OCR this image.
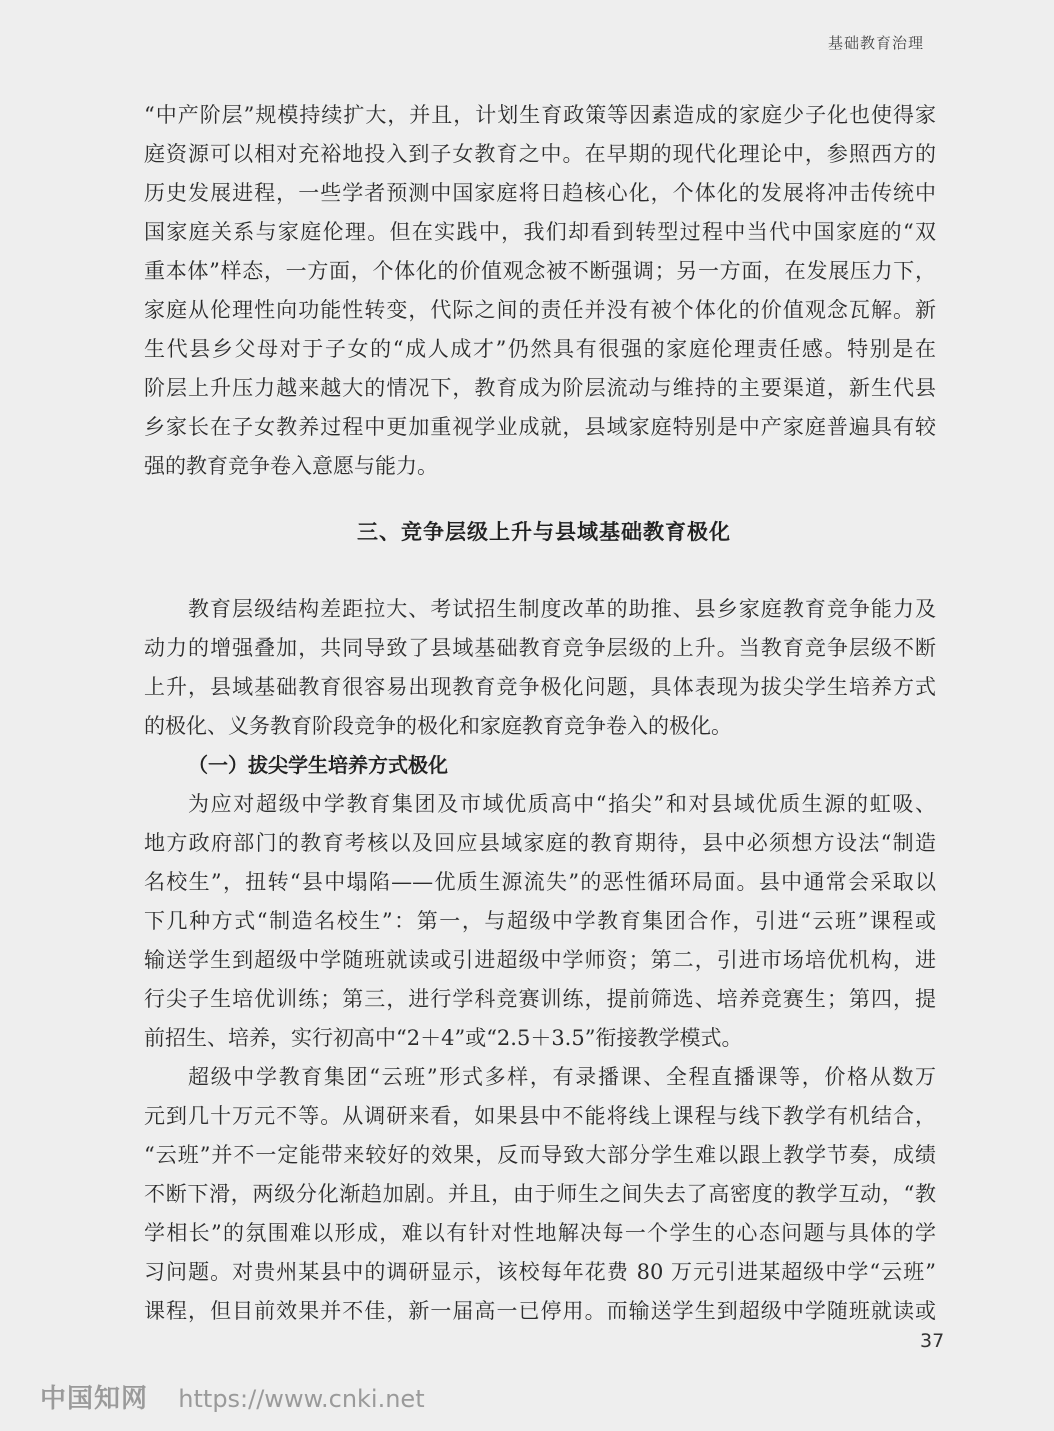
基础教育治理
“中产阶层”规模持续扩大，并且，计划生育政策等因素造成的家庭少子化也使得家
庭资源可以相对充裕地投入到子女教育之中。在早期的现代化理论中，参照西方的
历史发展进程，一些学者预测中国家庭将日趋核心化，个体化的发展将冲击传统中
国家庭关系与家庭伦理。但在实践中，我们却看到转型过程中当代中国家庭的“双
重本体”样态，一方面，个体化的价值观念被不断强调；另一方面，在发展压力下，
家庭从伦理性向功能性转变，代际之间的责任并没有被个体化的价值观念瓦解。新
生代县乡父母对于子女的“成人成才”仍然具有很强的家庭伦理责任感。特别是在
阶层上升压力越来越大的情况下，教育成为阶层流动与维持的主要渠道，新生代县
乡家长在子女教养过程中更加重视学业成就，县域家庭特别是中产家庭普遍具有较
强的教育竞争卷入意愿与能力。
三、竞争层级上升与县域基础教育极化
教育层级结构差距拉大、考试招生制度改革的助推、县乡家庭教育竞争能力及
动力的增强叠加，共同导致了县域基础教育竞争层级的上升。当教育竞争层级不断
上升，县域基础教育很容易出现教育竞争极化问题，具体表现为拔尖学生培养方式
的极化、义务教育阶段竞争的极化和家庭教育竞争卷入的极化。
（一）拔尖学生培养方式极化
为应对超级中学教育集团及市域优质高中“掐尖”和对县域优质生源的虹吸、
地方政府部门的教育考核以及回应县域家庭的教育期待，县中必须想方设法“制造
名校生”，扭转“县中塌陷——优质生源流失”的恶性循环局面。县中通常会采取以
下几种方式“制造名校生”：第一，与超级中学教育集团合作，引进“云班”课程或
输送学生到超级中学随班就读或引进超级中学师资；第二，引进市场培优机构，进
行尖子生培优训练；第三，进行学科竞赛训练，提前筛选、培养竞赛生；第四，提
前招生、培养，实行初高中“2＋4”或“2.5＋3.5”衔接教学模式。
超级中学教育集团“云班”形式多样，有录播课、全程直播课等，价格从数万
元到几十万元不等。从调研来看，如果县中不能将线上课程与线下教学有机结合，
“云班”并不一定能带来较好的效果，反而导致大部分学生难以跟上教学节奏，成绩
不断下滑，两级分化渐趋加剧。并且，由于师生之间失去了高密度的教学互动，“教
学相长”的氛围难以形成，难以有针对性地解决每一个学生的心态问题与具体的学
习问题。对贵州某县中的调研显示，该校每年花费 80 万元引进某超级中学“云班”
课程，但目前效果并不佳，新一届高一已停用。而输送学生到超级中学随班就读或
37
中国知网 https://www.cnki.net
